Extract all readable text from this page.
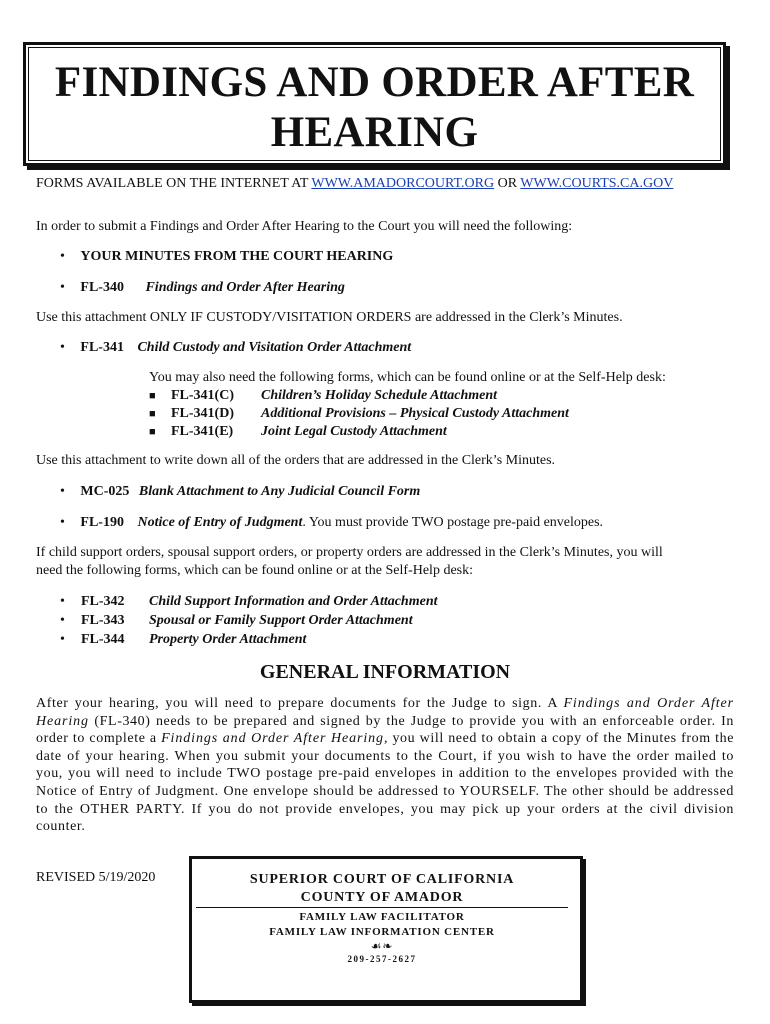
FINDINGS AND ORDER AFTER
HEARING
FORMS AVAILABLE ON THE INTERNET AT WWW.AMADORCOURT.ORG OR WWW.COURTS.CA.GOV
In order to submit a Findings and Order After Hearing to the Court you will need the following:
• YOUR MINUTES FROM THE COURT HEARING
• FL-340 Findings and Order After Hearing
Use this attachment ONLY IF CUSTODY/VISITATION ORDERS are addressed in the Clerk’s Minutes.
• FL-341 Child Custody and Visitation Order Attachment
You may also need the following forms, which can be found online or at the Self-Help desk:
■ FL-341(C) Children’s Holiday Schedule Attachment
■ FL-341(D) Additional Provisions – Physical Custody Attachment
■ FL-341(E) Joint Legal Custody Attachment
Use this attachment to write down all of the orders that are addressed in the Clerk’s Minutes.
• MC-025 Blank Attachment to Any Judicial Council Form
• FL-190 Notice of Entry of Judgment. You must provide TWO postage pre-paid envelopes.
If child support orders, spousal support orders, or property orders are addressed in the Clerk’s Minutes, you will
need the following forms, which can be found online or at the Self-Help desk:
• FL-342 Child Support Information and Order Attachment
• FL-343 Spousal or Family Support Order Attachment
• FL-344 Property Order Attachment
GENERAL INFORMATION
After your hearing, you will need to prepare documents for the Judge to sign. A Findings and Order After Hearing (FL-340) needs to be prepared and signed by the Judge to provide you with an enforceable order. In order to complete a Findings and Order After Hearing, you will need to obtain a copy of the Minutes from the date of your hearing. When you submit your documents to the Court, if you wish to have the order mailed to you, you will need to include TWO postage pre-paid envelopes in addition to the envelopes provided with the Notice of Entry of Judgment. One envelope should be addressed to YOURSELF. The other should be addressed to the OTHER PARTY. If you do not provide envelopes, you may pick up your orders at the civil division counter.
REVISED 5/19/2020	SUPERIOR COURT OF CALIFORNIA
COUNTY OF AMADOR
FAMILY LAW FACILITATOR
FAMILY LAW INFORMATION CENTER
☙❧
209-257-2627
